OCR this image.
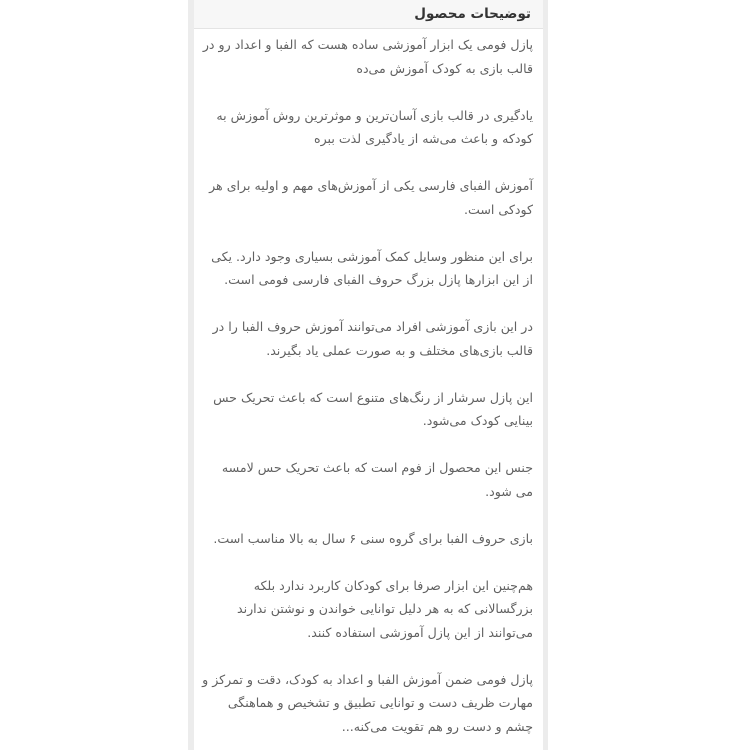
توضیحات محصول

پازل فومی یک ابزار آموزشی ساده هست که الفبا و اعداد رو در قالب بازی به کودک آموزش می‌ده

یادگیری در قالب بازی آسان‌ترین و موثرترین روش آموزش به کودکه و باعث می‌شه از یادگیری لذت ببره

آموزش الفبای فارسی یکی از آموزش‌های مهم و اولیه برای هر کودکی است.

برای این منظور وسایل کمک آموزشی بسیاری وجود دارد. یکی از این ابزارها پازل بزرگ حروف الفبای فارسی فومی است.

در این بازی آموزشی افراد می‌توانند آموزش حروف الفبا را در قالب بازی‌های مختلف و به صورت عملی یاد بگیرند.

این پازل سرشار از رنگ‌های متنوع است که باعث تحریک حس بینایی کودک می‌شود.

جنس این محصول از فوم است که باعث تحریک حس لامسه می شود.

بازی حروف الفبا برای گروه سنی ۶ سال به بالا مناسب است.

هم‌چنین این ابزار صرفا برای کودکان کاربرد ندارد بلکه بزرگسالانی که به هر دلیل توانایی خواندن و نوشتن ندارند می‌توانند از این پازل آموزشی استفاده کنند.

پازل فومی ضمن آموزش الفبا و اعداد به کودک، دقت و تمرکز و مهارت ظریف دست و توانایی تطبیق و تشخیص و هماهنگی چشم و دست رو هم تقویت می‌کنه...
